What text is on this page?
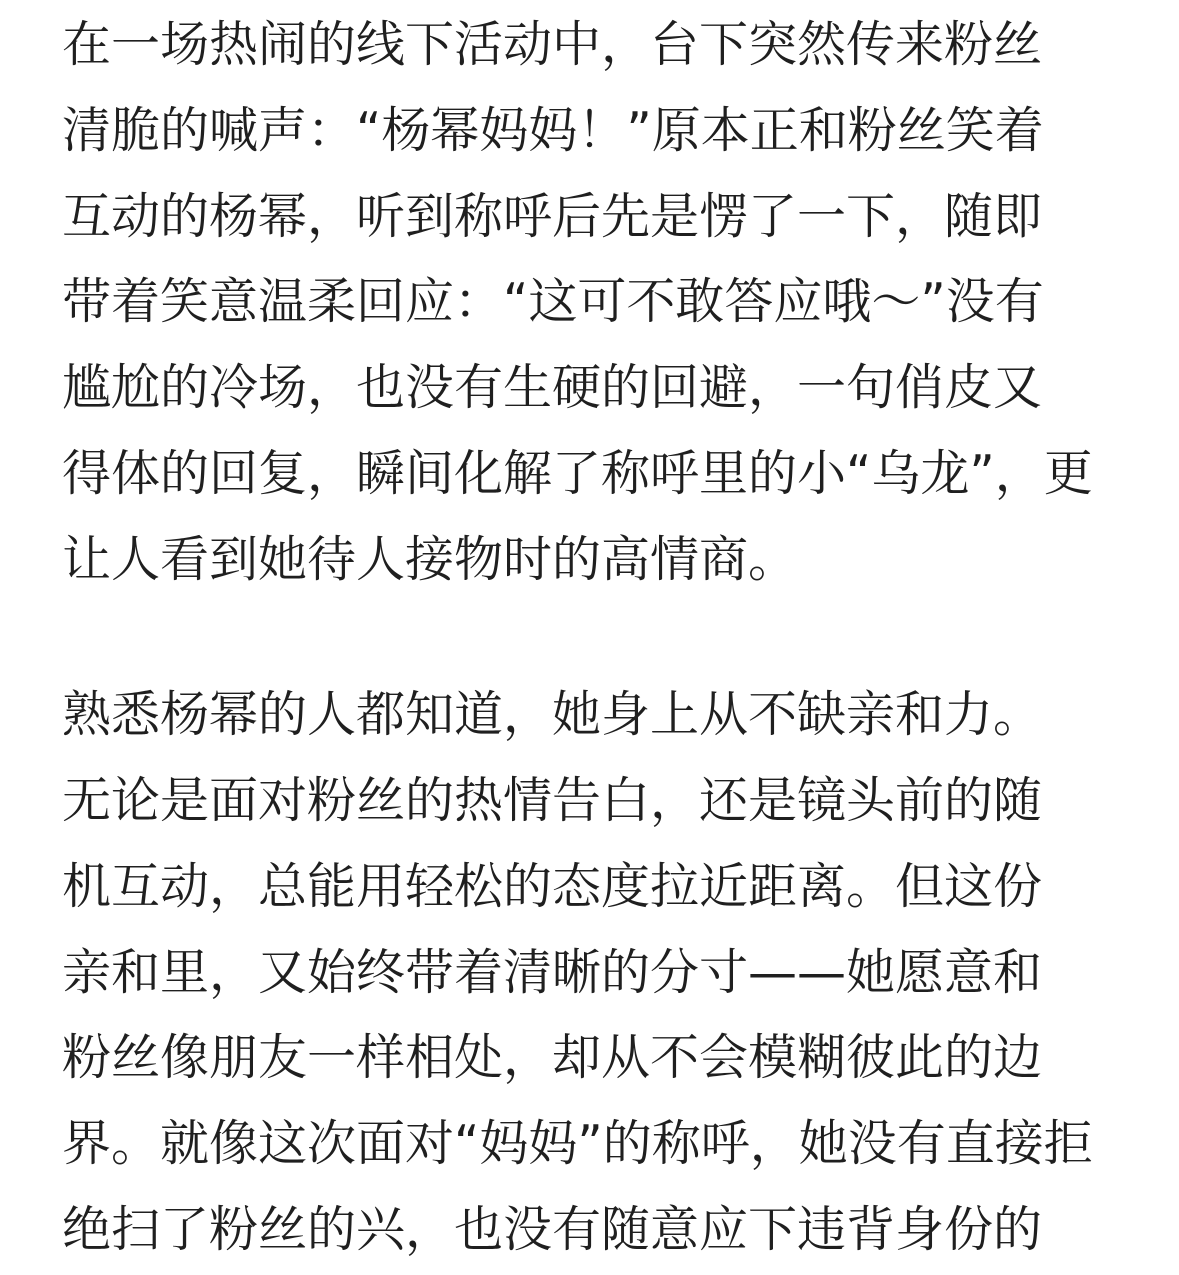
在一场热闹的线下活动中，台下突然传来粉丝
清脆的喊声：“杨幂妈妈！”原本正和粉丝笑着
互动的杨幂，听到称呼后先是愣了一下，随即
带着笑意温柔回应：“这可不敢答应哦～”没有
尴尬的冷场，也没有生硬的回避，一句俏皮又
得体的回复，瞬间化解了称呼里的小“乌龙”，更
让人看到她待人接物时的高情商。
熟悉杨幂的人都知道，她身上从不缺亲和力。
无论是面对粉丝的热情告白，还是镜头前的随
机互动，总能用轻松的态度拉近距离。但这份
亲和里，又始终带着清晰的分寸——她愿意和
粉丝像朋友一样相处，却从不会模糊彼此的边
界。就像这次面对“妈妈”的称呼，她没有直接拒
绝扫了粉丝的兴，也没有随意应下违背身份的
